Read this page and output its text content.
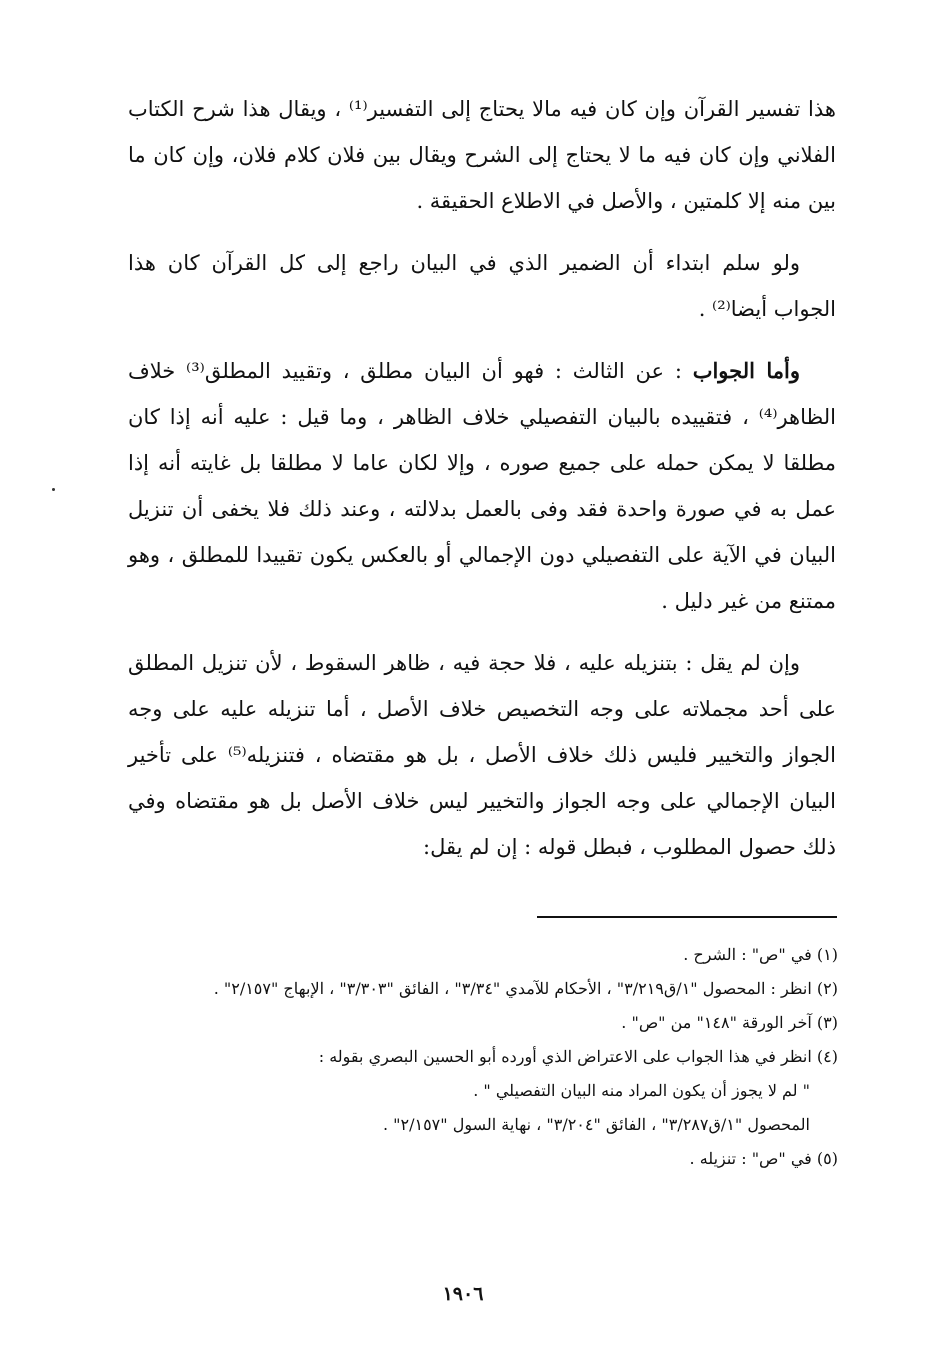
هذا تفسير القرآن وإن كان فيه مالا يحتاج إلى التفسير⁽¹⁾ ، ويقال هذا شرح الكتاب الفلاني وإن كان فيه ما لا يحتاج إلى الشرح ويقال بين فلان كلام فلان، وإن كان ما بين منه إلا كلمتين ، والأصل في الاطلاع الحقيقة .

ولو سلم ابتداء أن الضمير الذي في البيان راجع إلى كل القرآن كان هذا الجواب أيضا⁽²⁾ .

وأما الجواب : عن الثالث : فهو أن البيان مطلق ، وتقييد المطلق⁽³⁾ خلاف الظاهر⁽⁴⁾ ، فتقييده بالبيان التفصيلي خلاف الظاهر ، وما قيل : عليه أنه إذا كان مطلقا لا يمكن حمله على جميع صوره ، وإلا لكان عاما لا مطلقا بل غايته أنه إذا عمل به في صورة واحدة فقد وفى بالعمل بدلالته ، وعند ذلك فلا يخفى أن تنزيل البيان في الآية على التفصيلي دون الإجمالي أو بالعكس يكون تقييدا للمطلق ، وهو ممتنع من غير دليل .

وإن لم يقل : بتنزيله عليه ، فلا حجة فيه ، ظاهر السقوط ، لأن تنزيل المطلق على أحد مجملاته على وجه التخصيص خلاف الأصل ، أما تنزيله عليه على وجه الجواز والتخيير فليس ذلك خلاف الأصل ، بل هو مقتضاه ، فتنزيله⁽⁵⁾ على تأخير البيان الإجمالي على وجه الجواز والتخيير ليس خلاف الأصل بل هو مقتضاه وفي ذلك حصول المطلوب ، فبطل قوله : إن لم يقل:

(١) في "ص" : الشرح .

(٢) انظر : المحصول "١/ق٣/٢١٩" ، الأحكام للآمدي "٣/٣٤" ، الفائق "٣/٣٠٣" ، الإبهاج "٢/١٥٧" .

(٣) آخر الورقة "١٤٨" من "ص" .

(٤) انظر في هذا الجواب على الاعتراض الذي أورده أبو الحسين البصري بقوله :

" لم لا يجوز أن يكون المراد منه البيان التفصيلي " .

المحصول "١/ق٣/٢٨٧" ، الفائق "٣/٢٠٤" ، نهاية السول "٢/١٥٧" .

(٥) في "ص" : تنزيله .

١٩٠٦
